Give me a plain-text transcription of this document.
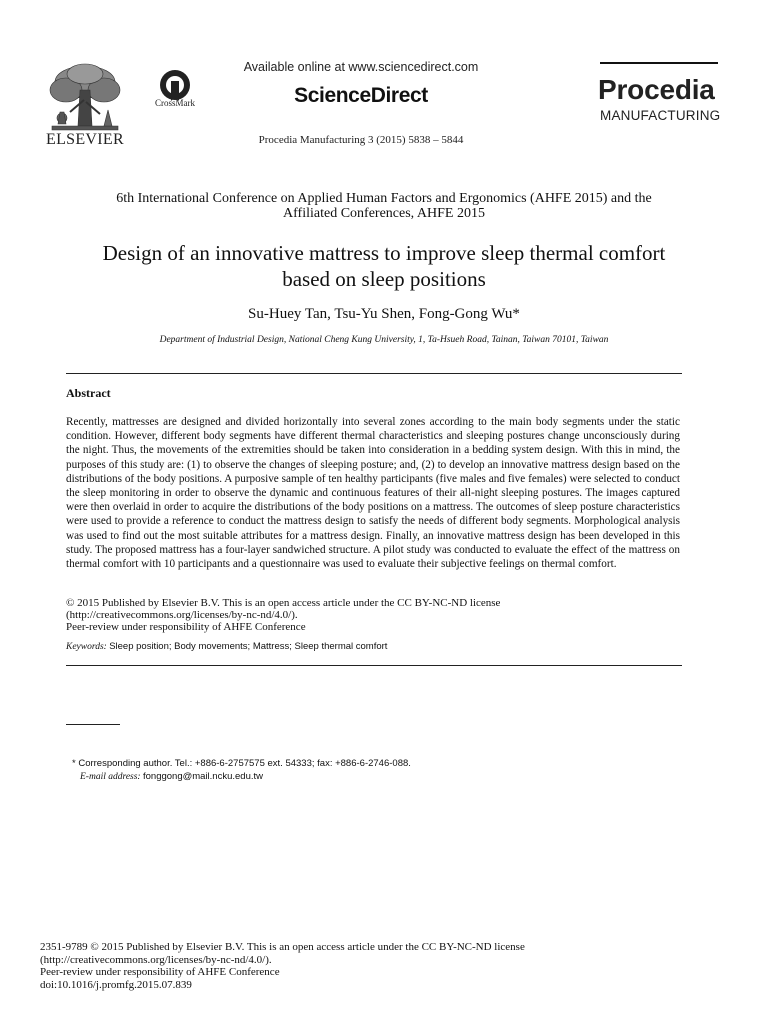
ELSEVIER
CrossMark
Available online at www.sciencedirect.com
ScienceDirect
Procedia Manufacturing 3 (2015) 5838 – 5844
Procedia
MANUFACTURING
6th International Conference on Applied Human Factors and Ergonomics (AHFE 2015) and the
Affiliated Conferences, AHFE 2015
Design of an innovative mattress to improve sleep thermal comfort
based on sleep positions
Su-Huey Tan, Tsu-Yu Shen, Fong-Gong Wu*
Department of Industrial Design, National Cheng Kung University, 1, Ta-Hsueh Road, Tainan, Taiwan 70101, Taiwan
Abstract

Recently, mattresses are designed and divided horizontally into several zones according to the main body segments under the static condition. However, different body segments have different thermal characteristics and sleeping postures change unconsciously during the night. Thus, the movements of the extremities should be taken into consideration in a bedding system design. With this in mind, the purposes of this study are: (1) to observe the changes of sleeping posture; and, (2) to develop an innovative mattress design based on the distributions of the body positions. A purposive sample of ten healthy participants (five males and five females) were selected to conduct the sleep monitoring in order to observe the dynamic and continuous features of their all-night sleeping postures. The images captured were then overlaid in order to acquire the distributions of the body positions on a mattress. The outcomes of sleep posture characteristics were used to provide a reference to conduct the mattress design to satisfy the needs of different body segments. Morphological analysis was used to find out the most suitable attributes for a mattress design. Finally, an innovative mattress design has been developed in this study. The proposed mattress has a four-layer sandwiched structure. A pilot study was conducted to evaluate the effect of the mattress on thermal comfort with 10 participants and a questionnaire was used to evaluate their subjective feelings on thermal comfort.

© 2015 Published by Elsevier B.V. This is an open access article under the CC BY-NC-ND license
(http://creativecommons.org/licenses/by-nc-nd/4.0/).
Peer-review under responsibility of AHFE Conference
Keywords: Sleep position; Body movements; Mattress; Sleep thermal comfort
* Corresponding author. Tel.: +886-6-2757575 ext. 54333; fax: +886-6-2746-088.
E-mail address: fonggong@mail.ncku.edu.tw
2351-9789 © 2015 Published by Elsevier B.V. This is an open access article under the CC BY-NC-ND license
(http://creativecommons.org/licenses/by-nc-nd/4.0/).
Peer-review under responsibility of AHFE Conference
doi:10.1016/j.promfg.2015.07.839
